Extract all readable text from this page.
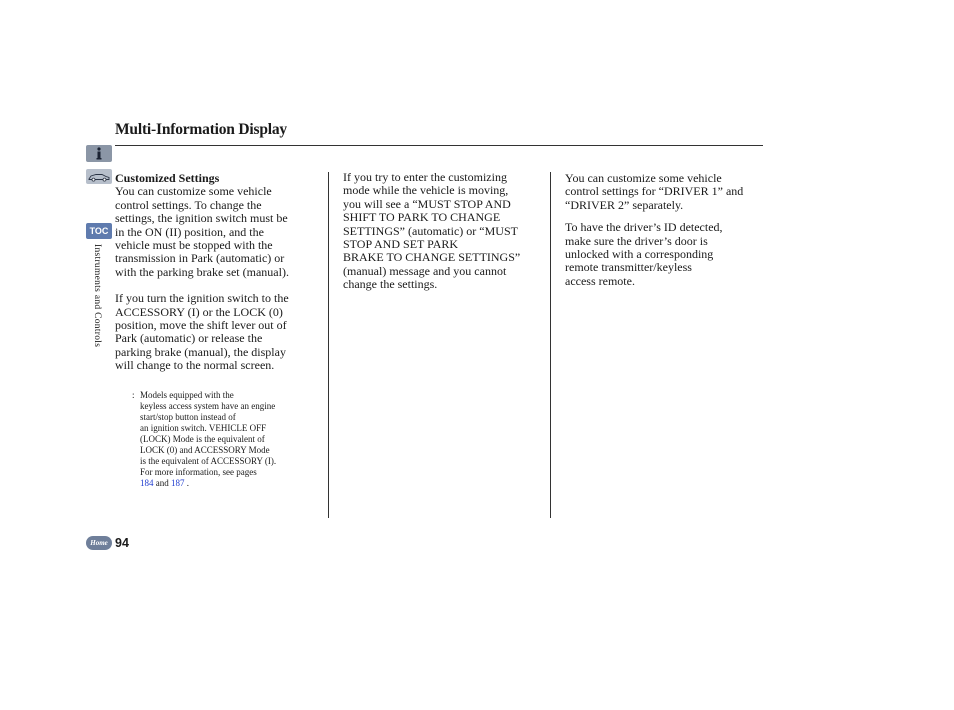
Multi-Information Display
TOC
Instruments and Controls

Customized Settings

You can customize some vehicle

control settings. To change the

settings, the ignition switch must be

in the ON (II) position, and the

vehicle must be stopped with the

transmission in Park (automatic) or

with the parking brake set (manual).

If you turn the ignition switch to the

ACCESSORY (I) or the LOCK (0)

position, move the shift lever out of

Park (automatic) or release the

parking brake (manual), the display

will change to the normal screen.

: Models equipped with the
keyless access system have an engine
start/stop button instead of
an ignition switch. VEHICLE OFF
(LOCK) Mode is the equivalent of
LOCK (0) and ACCESSORY Mode
is the equivalent of ACCESSORY (I).
For more information, see pages
184 and 187 .

If you try to enter the customizing

mode while the vehicle is moving,

you will see a “MUST STOP AND

SHIFT TO PARK TO CHANGE

SETTINGS” (automatic) or “MUST

STOP AND SET PARK

BRAKE TO CHANGE SETTINGS”

(manual) message and you cannot

change the settings.

You can customize some vehicle

control settings for “DRIVER 1” and

“DRIVER 2” separately.

To have the driver’s ID detected,

make sure the driver’s door is

unlocked with a corresponding

remote transmitter/keyless

access remote.

Home 94
